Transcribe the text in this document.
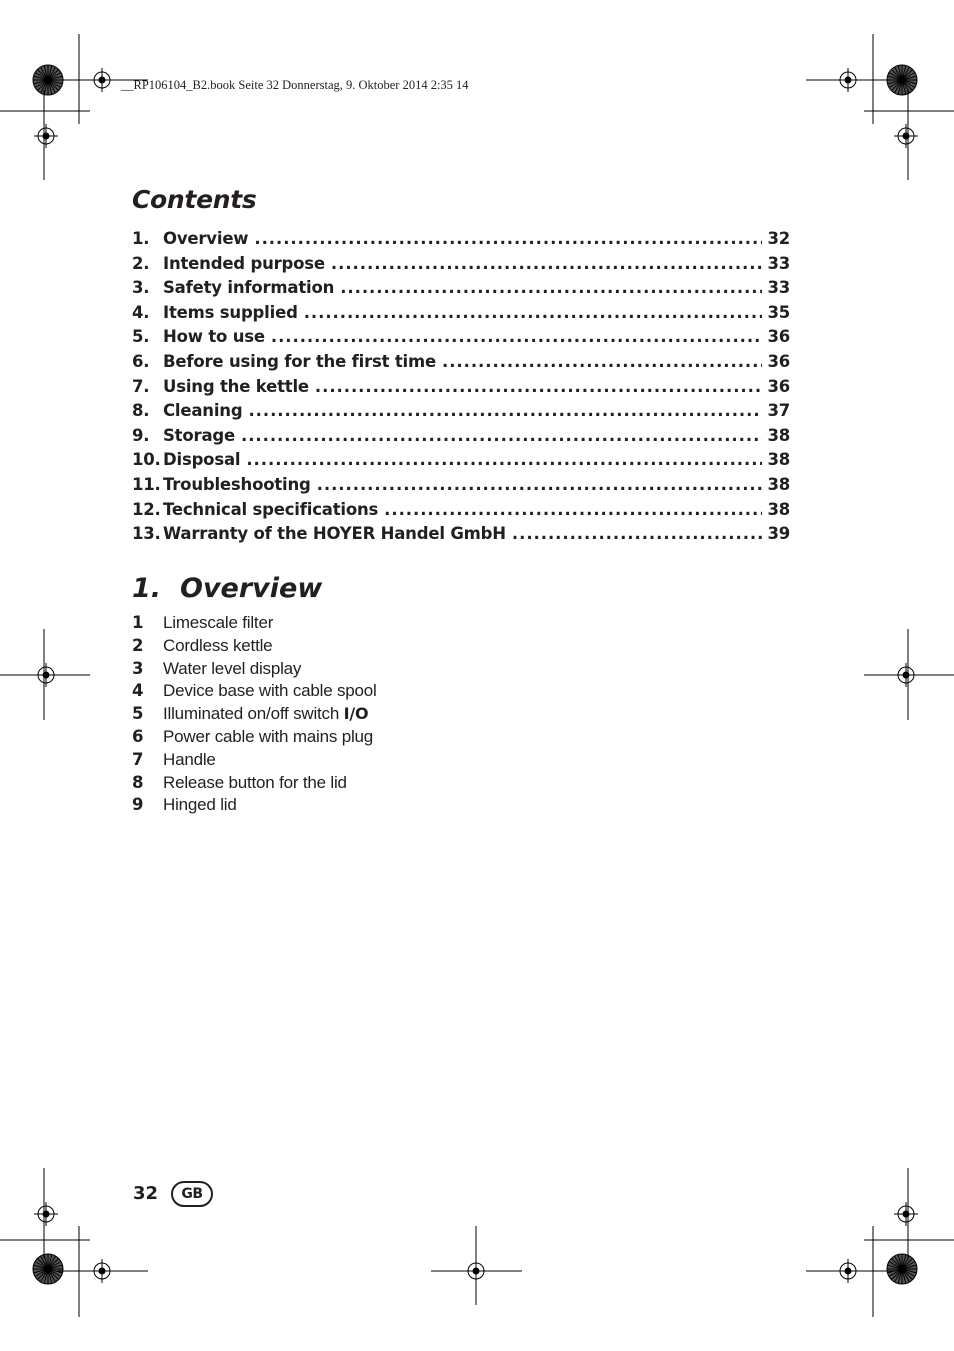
__RP106104_B2.book Seite 32 Donnerstag, 9. Oktober 2014 2:35 14
Contents
1. Overview . . .	32
2. Intended purpose . . .	33
3. Safety information . . .	33
4. Items supplied . . .	35
5. How to use . . .	36
6. Before using for the first time . . .	36
7. Using the kettle . . .	36
8. Cleaning . . .	37
9. Storage . . .	38
10. Disposal . . .	38
11. Troubleshooting . . .	38
12. Technical specifications . . .	38
13. Warranty of the HOYER Handel GmbH . . .	39
1. Overview
1 Limescale filter
2 Cordless kettle
3 Water level display
4 Device base with cable spool
5 Illuminated on/off switch I/O
6 Power cable with mains plug
7 Handle
8 Release button for the lid
9 Hinged lid
32	GB
